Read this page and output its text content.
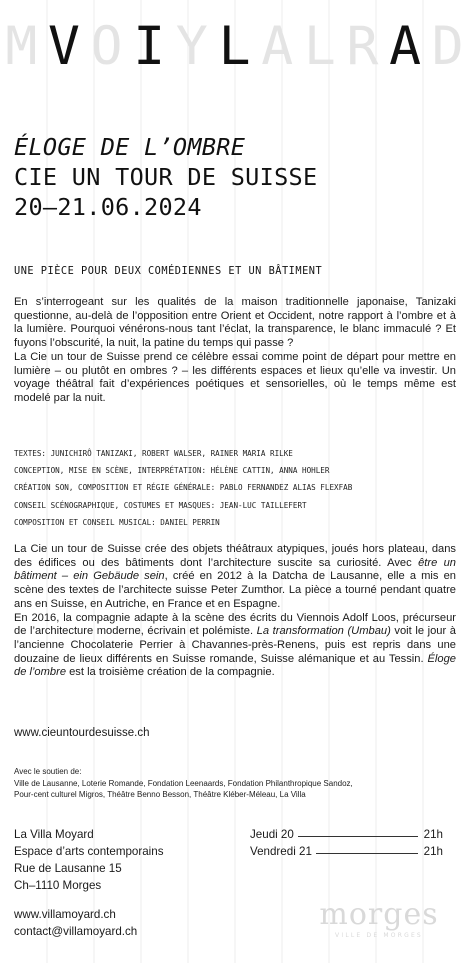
M V O I Y L A L R A D
ÉLOGE DE L’OMBRE
CIE UN TOUR DE SUISSE
20—21.06.2024
UNE PIÈCE POUR DEUX COMÉDIENNES ET UN BÂTIMENT

En s’interrogeant sur les qualités de la maison traditionnelle japonaise, Tanizaki questionne, au-delà de l’opposition entre Orient et Occident, notre rapport à l’ombre et à la lumière. Pourquoi vénérons-nous tant l’éclat, la transparence, le blanc immaculé ? Et fuyons l’obscurité, la nuit, la patine du temps qui passe ?

La Cie un tour de Suisse prend ce célèbre essai comme point de départ pour mettre en lumière – ou plutôt en ombres ? – les différents espaces et lieux qu’elle va investir. Un voyage théâtral fait d’expériences poétiques et sensorielles, où le temps même est modelé par la nuit.

TEXTES: JUNICHIRÔ TANIZAKI, ROBERT WALSER, RAINER MARIA RILKE
CONCEPTION, MISE EN SCÈNE, INTERPRÉTATION: HÉLÈNE CATTIN, ANNA HOHLER
CRÉATION SON, COMPOSITION ET RÉGIE GÉNÉRALE: PABLO FERNANDEZ ALIAS FLEXFAB
CONSEIL SCÉNOGRAPHIQUE, COSTUMES ET MASQUES: JEAN-LUC TAILLEFERT
COMPOSITION ET CONSEIL MUSICAL: DANIEL PERRIN

La Cie un tour de Suisse crée des objets théâtraux atypiques, joués hors plateau, dans des édifices ou des bâtiments dont l’architecture suscite sa curiosité. Avec être un bâtiment – ein Gebäude sein, créé en 2012 à la Datcha de Lausanne, elle a mis en scène des textes de l’architecte suisse Peter Zumthor. La pièce a tourné pendant quatre ans en Suisse, en Autriche, en France et en Espagne.

En 2016, la compagnie adapte à la scène des écrits du Viennois Adolf Loos, précurseur de l’architecture moderne, écrivain et polémiste. La transformation (Umbau) voit le jour à l’ancienne Chocolaterie Perrier à Chavannes-près-Renens, puis est repris dans une douzaine de lieux différents en Suisse romande, Suisse alémanique et au Tessin. Éloge de l’ombre est la troisième création de la compagnie.

www.cieuntourdesuisse.ch
Avec le soutien de:
Ville de Lausanne, Loterie Romande, Fondation Leenaards, Fondation Philanthropique Sandoz,
Pour-cent culturel Migros, Théâtre Benno Besson, Théâtre Kléber-Méleau, La Villa
La Villa Moyard
Espace d’arts contemporains
Rue de Lausanne 15
Ch–1110 Morges
Jeudi 20	21h
Vendredi 21	21h
www.villamoyard.ch
contact@villamoyard.ch	morges
VILLE DE MORGES
